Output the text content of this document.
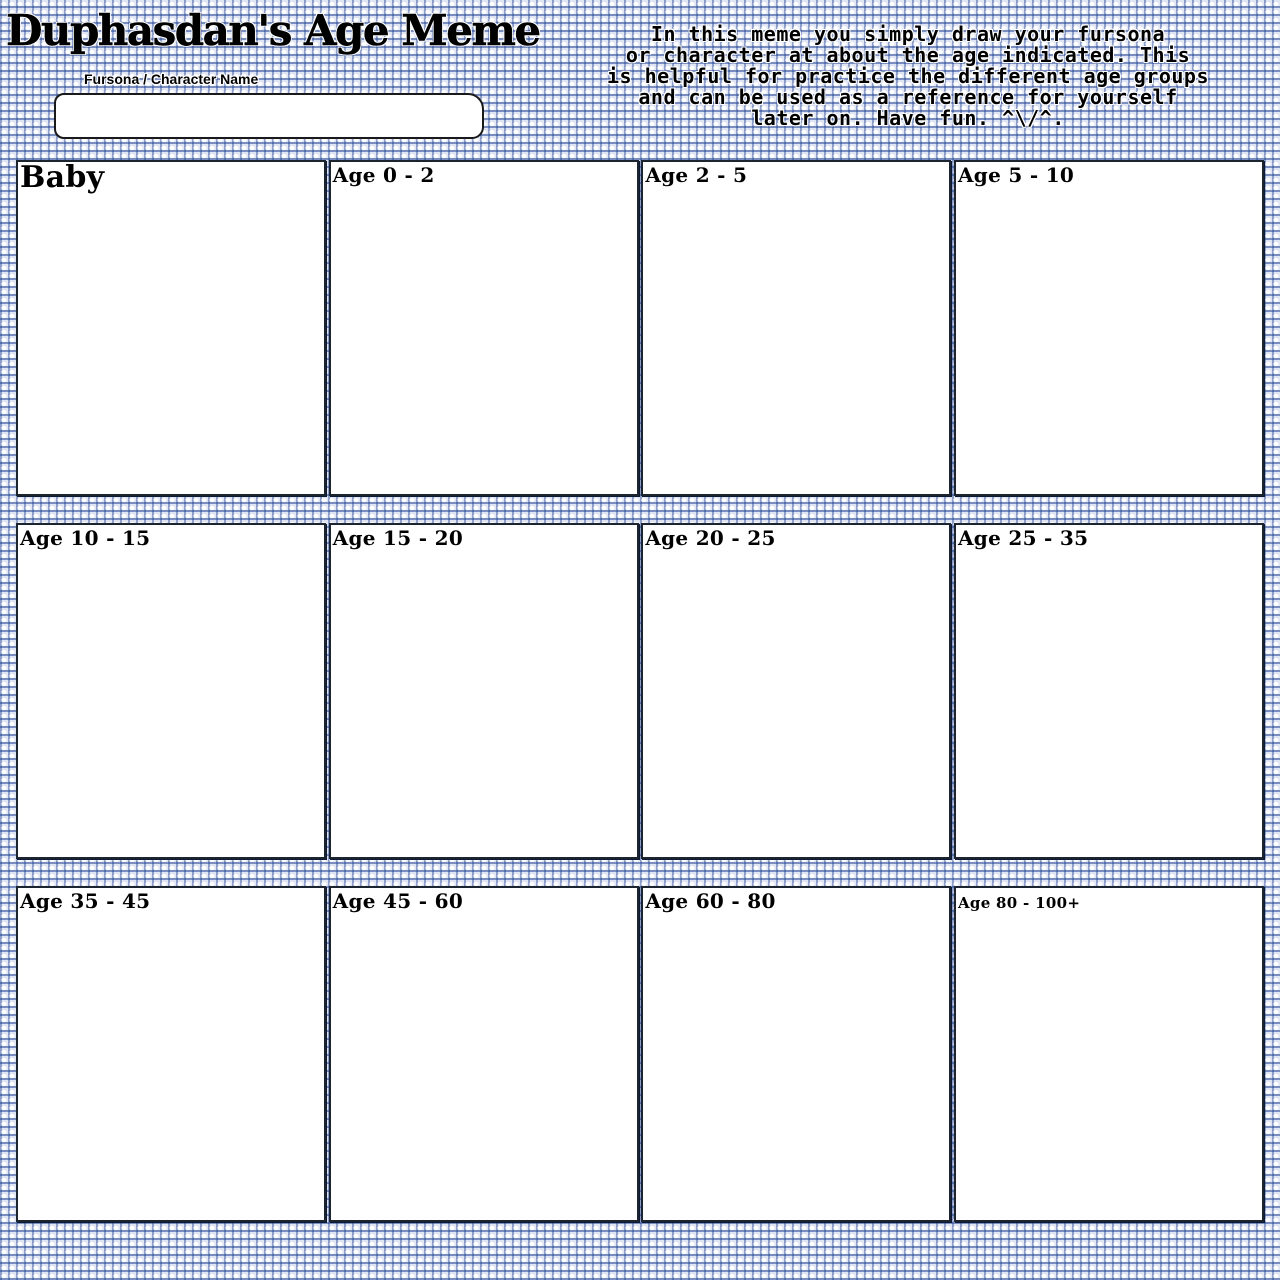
Duphasdan's Age Meme
Fursona / Character Name
In this meme you simply draw your fursona
or character at about the age indicated. This
is helpful for practice the different age groups
and can be used as a reference for yourself
later on. Have fun. ^\/^.
Baby	Age 0 - 2	Age 2 - 5	Age 5 - 10
Age 10 - 15	Age 15 - 20	Age 20 - 25	Age 25 - 35
Age 35 - 45	Age 45 - 60	Age 60 - 80	Age 80 - 100+
